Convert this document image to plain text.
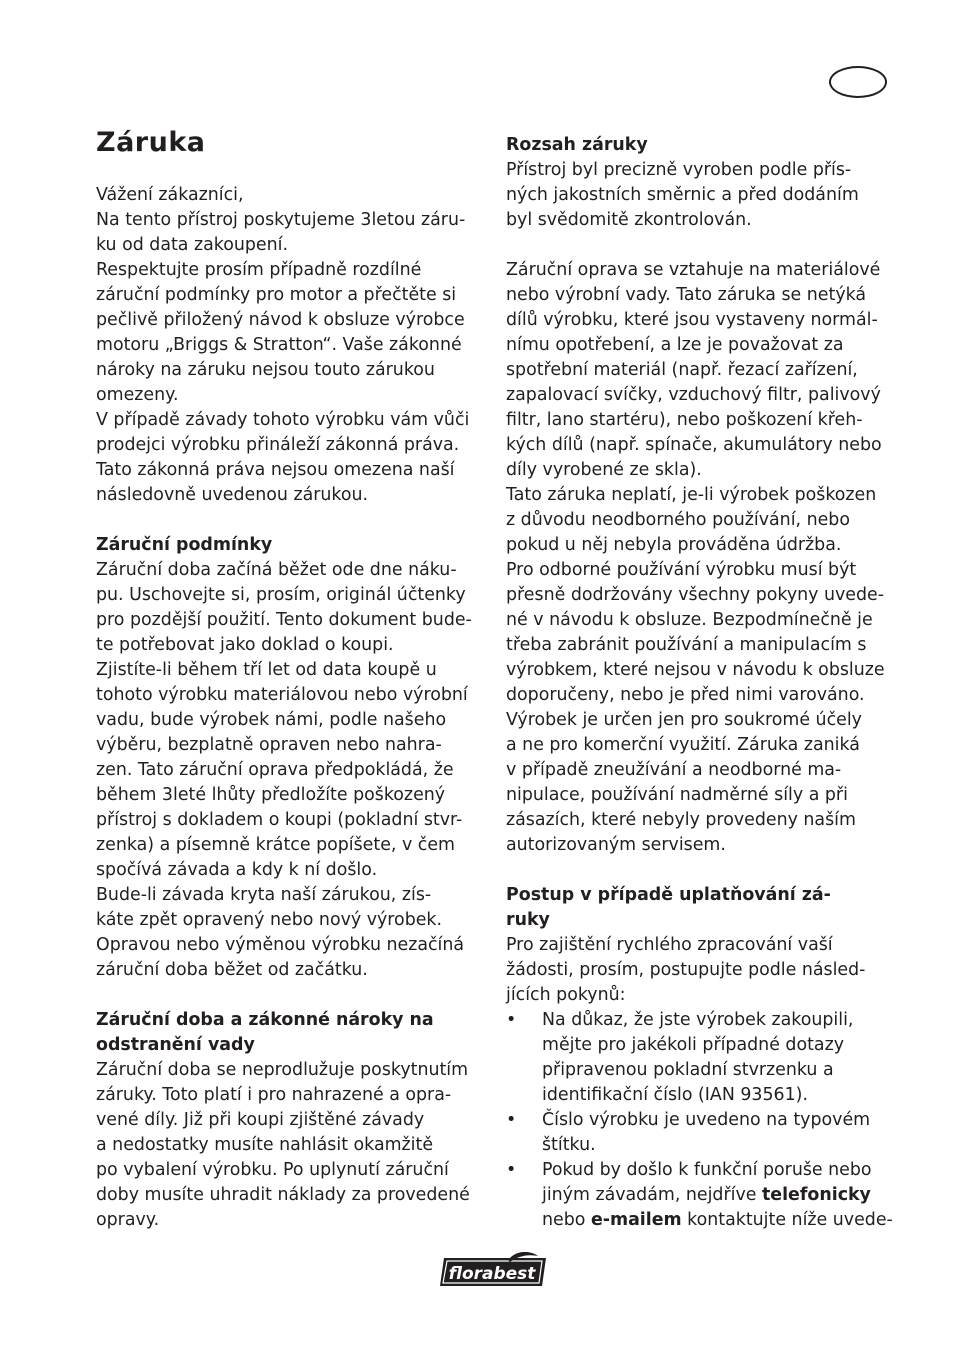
Záruka

Vážení zákazníci,

Na tento přístroj poskytujeme 3letou záru-

ku od data zakoupení.

Respektujte prosím případně rozdílné

záruční podmínky pro motor a přečtěte si

pečlivě přiložený návod k obsluze výrobce

motoru „Briggs & Stratton“. Vaše zákonné

nároky na záruku nejsou touto zárukou

omezeny.

V případě závady tohoto výrobku vám vůči

prodejci výrobku přináleží zákonná práva.

Tato zákonná práva nejsou omezena naší

následovně uvedenou zárukou.

Záruční podmínky

Záruční doba začíná běžet ode dne náku-

pu. Uschovejte si, prosím, originál účtenky

pro pozdější použití. Tento dokument bude-

te potřebovat jako doklad o koupi.

Zjistíte-li během tří let od data koupě u

tohoto výrobku materiálovou nebo výrobní

vadu, bude výrobek námi, podle našeho

výběru, bezplatně opraven nebo nahra-

zen. Tato záruční oprava předpokládá, že

během 3leté lhůty předložíte poškozený

přístroj s dokladem o koupi (pokladní stvr-

zenka) a písemně krátce popíšete, v čem

spočívá závada a kdy k ní došlo.

Bude-li závada kryta naší zárukou, zís-

káte zpět opravený nebo nový výrobek.

Opravou nebo výměnou výrobku nezačíná

záruční doba běžet od začátku.

Záruční doba a zákonné nároky na

odstranění vady

Záruční doba se neprodlužuje poskytnutím

záruky. Toto platí i pro nahrazené a opra-

vené díly. Již při koupi zjištěné závady

a nedostatky musíte nahlásit okamžitě

po vybalení výrobku. Po uplynutí záruční

doby musíte uhradit náklady za provedené

opravy.

Rozsah záruky

Přístroj byl precizně vyroben podle přís-

ných jakostních směrnic a před dodáním

byl svědomitě zkontrolován.

Záruční oprava se vztahuje na materiálové

nebo výrobní vady. Tato záruka se netýká

dílů výrobku, které jsou vystaveny normál-

nímu opotřebení, a lze je považovat za

spotřební materiál (např. řezací zařízení,

zapalovací svíčky, vzduchový filtr, palivový

filtr, lano startéru), nebo poškození křeh-

kých dílů (např. spínače, akumulátory nebo

díly vyrobené ze skla).

Tato záruka neplatí, je-li výrobek poškozen

z důvodu neodborného používání, nebo

pokud u něj nebyla prováděna údržba.

Pro odborné používání výrobku musí být

přesně dodržovány všechny pokyny uvede-

né v návodu k obsluze. Bezpodmínečně je

třeba zabránit používání a manipulacím s

výrobkem, které nejsou v návodu k obsluze

doporučeny, nebo je před nimi varováno.

Výrobek je určen jen pro soukromé účely

a ne pro komerční využití. Záruka zaniká

v případě zneužívání a neodborné ma-

nipulace, používání nadměrné síly a při

zásazích, které nebyly provedeny naším

autorizovaným servisem.

Postup v případě uplatňování zá-

ruky

Pro zajištění rychlého zpracování vaší

žádosti, prosím, postupujte podle násled-

jících pokynů:

• Na důkaz, že jste výrobek zakoupili,

mějte pro jakékoli případné dotazy

připravenou pokladní stvrzenku a

identifikační číslo (IAN 93561).

• Číslo výrobku je uvedeno na typovém

štítku.

• Pokud by došlo k funkční poruše nebo

jiným závadám, nejdříve telefonicky

nebo e-mailem kontaktujte níže uvede-

florabest
